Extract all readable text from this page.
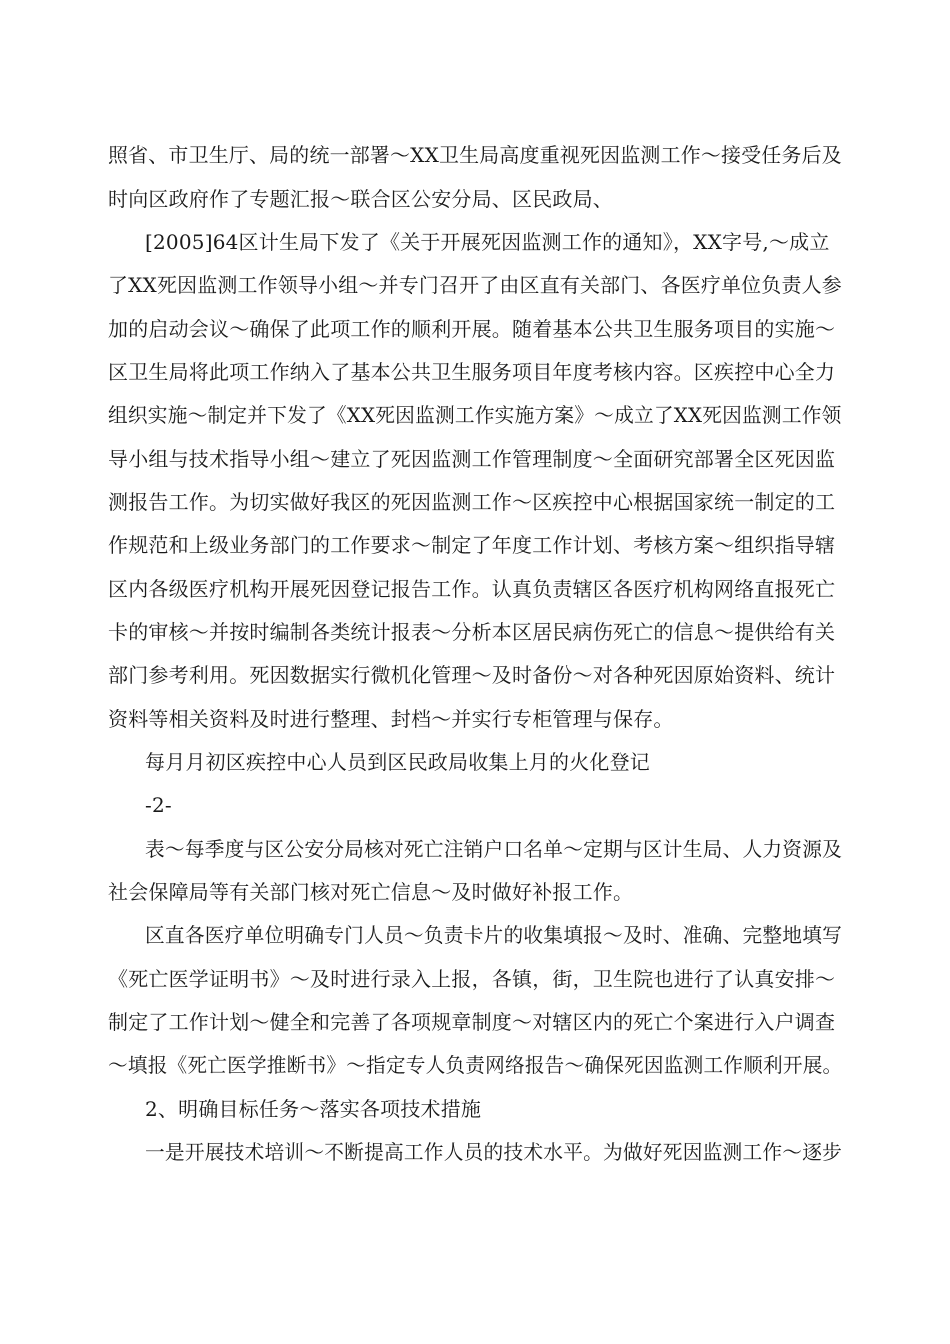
照省、市卫生厅、局的统一部署～XX卫生局高度重视死因监测工作～接受任务后及
时向区政府作了专题汇报～联合区公安分局、区民政局、
[2005]64区计生局下发了《关于开展死因监测工作的通知》，XX字号,～成立
了XX死因监测工作领导小组～并专门召开了由区直有关部门、各医疗单位负责人参
加的启动会议～确保了此项工作的顺利开展。随着基本公共卫生服务项目的实施～
区卫生局将此项工作纳入了基本公共卫生服务项目年度考核内容。区疾控中心全力
组织实施～制定并下发了《XX死因监测工作实施方案》～成立了XX死因监测工作领
导小组与技术指导小组～建立了死因监测工作管理制度～全面研究部署全区死因监
测报告工作。为切实做好我区的死因监测工作～区疾控中心根据国家统一制定的工
作规范和上级业务部门的工作要求～制定了年度工作计划、考核方案～组织指导辖
区内各级医疗机构开展死因登记报告工作。认真负责辖区各医疗机构网络直报死亡
卡的审核～并按时编制各类统计报表～分析本区居民病伤死亡的信息～提供给有关
部门参考利用。死因数据实行微机化管理～及时备份～对各种死因原始资料、统计
资料等相关资料及时进行整理、封档～并实行专柜管理与保存。
每月月初区疾控中心人员到区民政局收集上月的火化登记
-2-
表～每季度与区公安分局核对死亡注销户口名单～定期与区计生局、人力资源及
社会保障局等有关部门核对死亡信息～及时做好补报工作。
区直各医疗单位明确专门人员～负责卡片的收集填报～及时、准确、完整地填写
《死亡医学证明书》～及时进行录入上报，各镇，街，卫生院也进行了认真安排～
制定了工作计划～健全和完善了各项规章制度～对辖区内的死亡个案进行入户调查
～填报《死亡医学推断书》～指定专人负责网络报告～确保死因监测工作顺利开展。
2、明确目标任务～落实各项技术措施
一是开展技术培训～不断提高工作人员的技术水平。为做好死因监测工作～逐步
